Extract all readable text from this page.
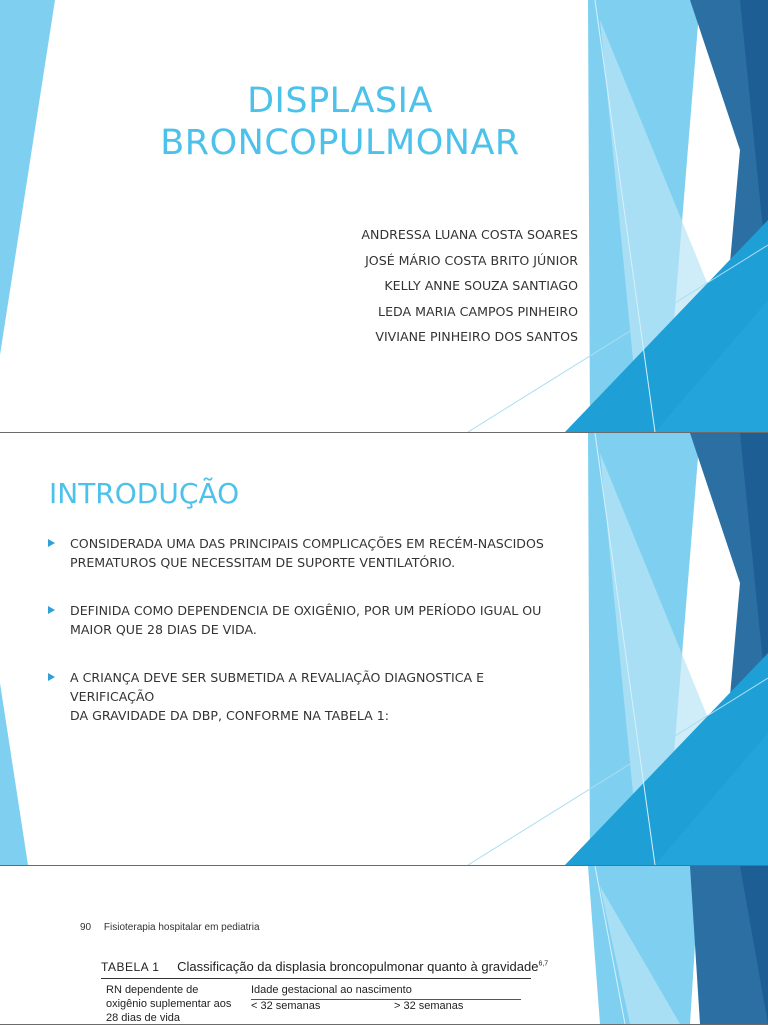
DISPLASIA
BRONCOPULMONAR
ANDRESSA LUANA COSTA SOARES
JOSÉ MÁRIO COSTA BRITO JÚNIOR
KELLY ANNE SOUZA SANTIAGO
LEDA MARIA CAMPOS PINHEIRO
VIVIANE PINHEIRO DOS SANTOS
INTRODUÇÃO
CONSIDERADA UMA DAS PRINCIPAIS COMPLICAÇÕES EM RECÉM-NASCIDOS
PREMATUROS QUE NECESSITAM DE SUPORTE VENTILATÓRIO.
DEFINIDA COMO DEPENDENCIA DE OXIGÊNIO, POR UM PERÍODO IGUAL OU
MAIOR QUE 28 DIAS DE VIDA.
A CRIANÇA DEVE SER SUBMETIDA A REVALIAÇÃO DIAGNOSTICA E VERIFICAÇÃO
DA GRAVIDADE DA DBP, CONFORME NA TABELA 1:
90 Fisioterapia hospitalar em pediatria
TABELA 1 Classificação da displasia broncopulmonar quanto à gravidade$^{6,7}$
RN dependente de
oxigênio suplementar aos
28 dias de vida
Idade gestacional ao nascimento
< 32 semanas	> 32 semanas
